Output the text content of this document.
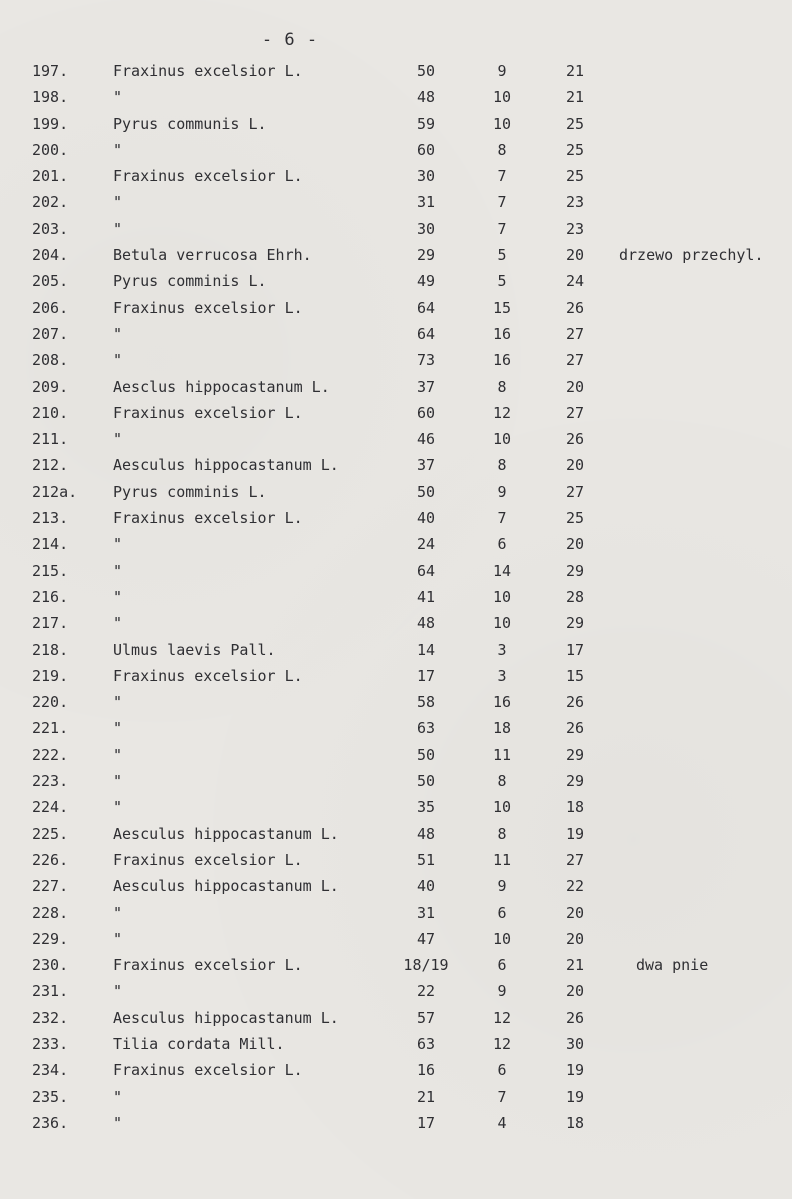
- 6 -
197.	Fraxinus excelsior L.	50	9	21
198.	"	48	10	21
199.	Pyrus communis L.	59	10	25
200.	"	60	8	25
201.	Fraxinus excelsior L.	30	7	25
202.	"	31	7	23
203.	"	30	7	23
204.	Betula verrucosa Ehrh.	29	5	20	drzewo przechyl.
205.	Pyrus comminis L.	49	5	24
206.	Fraxinus excelsior L.	64	15	26
207.	"	64	16	27
208.	"	73	16	27
209.	Aesclus hippocastanum L.	37	8	20
210.	Fraxinus excelsior L.	60	12	27
211.	"	46	10	26
212.	Aesculus hippocastanum L.	37	8	20
212a. Pyrus comminis L.	50	9	27
213.	Fraxinus excelsior L.	40	7	25
214.	"	24	6	20
215.	"	64	14	29
216.	"	41	10	28
217.	"	48	10	29
218.	Ulmus laevis Pall.	14	3	17
219.	Fraxinus excelsior L.	17	3	15
220.	"	58	16	26
221.	"	63	18	26
222.	"	50	11	29
223.	"	50	8	29
224.	"	35	10	18
225.	Aesculus hippocastanum L.	48	8	19
226.	Fraxinus excelsior L.	51	11	27
227.	Aesculus hippocastanum L.	40	9	22
228.	"	31	6	20
229.	"	47	10	20
230.	Fraxinus excelsior L.	18/19	6	21	dwa pnie
231.	"	22	9	20
232.	Aesculus hippocastanum L.	57	12	26
233.	Tilia cordata Mill.	63	12	30
234.	Fraxinus excelsior L.	16	6	19
235.	"	21	7	19
236.	"	17	4	18
